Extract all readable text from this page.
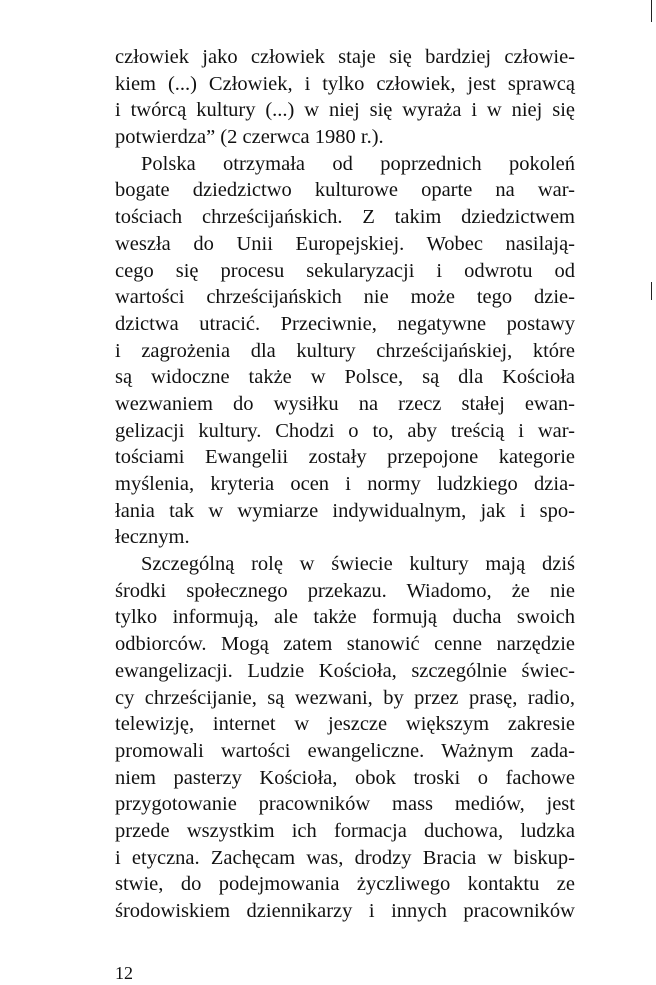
człowiek jako człowiek staje się bardziej człowie-
kiem (...) Człowiek, i tylko człowiek, jest sprawcą
i twórcą kultury (...) w niej się wyraża i w niej się
potwierdza” (2 czerwca 1980 r.).
Polska otrzymała od poprzednich pokoleń
bogate dziedzictwo kulturowe oparte na war-
tościach chrześcijańskich. Z takim dziedzictwem
weszła do Unii Europejskiej. Wobec nasilają-
cego się procesu sekularyzacji i odwrotu od
wartości chrześcijańskich nie może tego dzie-
dzictwa utracić. Przeciwnie, negatywne postawy
i zagrożenia dla kultury chrześcijańskiej, które
są widoczne także w Polsce, są dla Kościoła
wezwaniem do wysiłku na rzecz stałej ewan-
gelizacji kultury. Chodzi o to, aby treścią i war-
tościami Ewangelii zostały przepojone kategorie
myślenia, kryteria ocen i normy ludzkiego dzia-
łania tak w wymiarze indywidualnym, jak i spo-
łecznym.
Szczególną rolę w świecie kultury mają dziś
środki społecznego przekazu. Wiadomo, że nie
tylko informują, ale także formują ducha swoich
odbiorców. Mogą zatem stanowić cenne narzędzie
ewangelizacji. Ludzie Kościoła, szczególnie świec-
cy chrześcijanie, są wezwani, by przez prasę, radio,
telewizję, internet w jeszcze większym zakresie
promowali wartości ewangeliczne. Ważnym zada-
niem pasterzy Kościoła, obok troski o fachowe
przygotowanie pracowników mass mediów, jest
przede wszystkim ich formacja duchowa, ludzka
i etyczna. Zachęcam was, drodzy Bracia w biskup-
stwie, do podejmowania życzliwego kontaktu ze
środowiskiem dziennikarzy i innych pracowników
12
